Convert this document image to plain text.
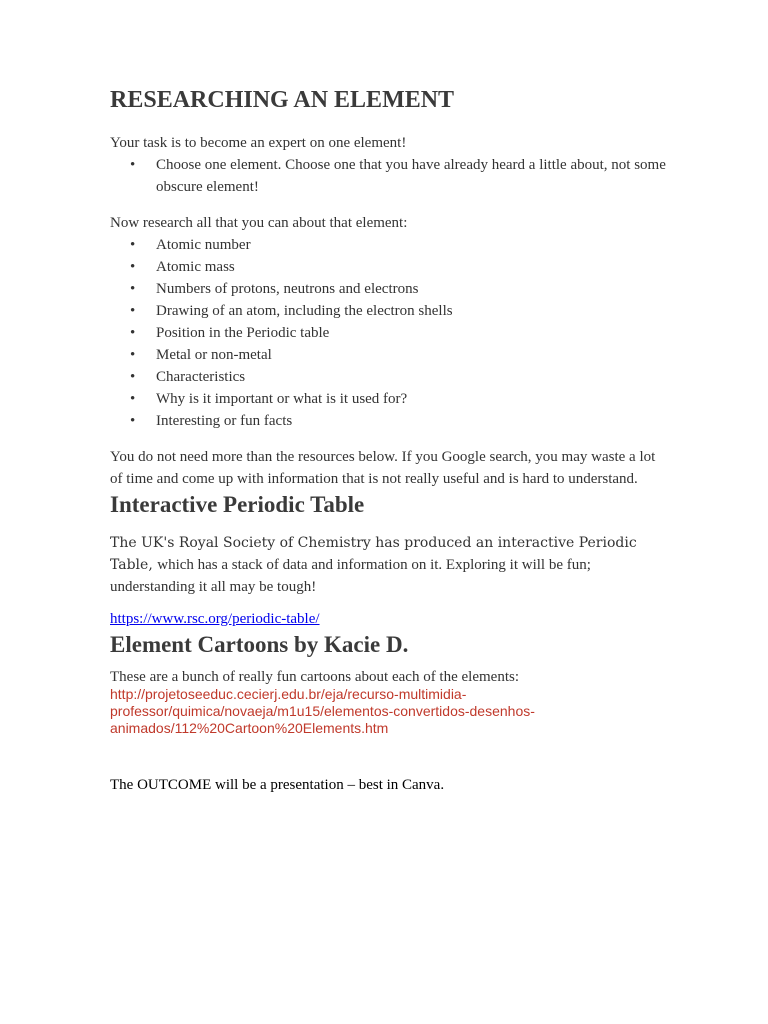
RESEARCHING AN ELEMENT

Your task is to become an expert on one element!

• Choose one element. Choose one that you have already heard a little about, not some obscure element!

Now research all that you can about that element:

• Atomic number
• Atomic mass
• Numbers of protons, neutrons and electrons
• Drawing of an atom, including the electron shells
• Position in the Periodic table
• Metal or non-metal
• Characteristics
• Why is it important or what is it used for?
• Interesting or fun facts

You do not need more than the resources below. If you Google search, you may waste a lot of time and come up with information that is not really useful and is hard to understand.

Interactive Periodic Table

The UK's Royal Society of Chemistry has produced an interactive Periodic Table, which has a stack of data and information on it. Exploring it will be fun; understanding it all may be tough!

https://www.rsc.org/periodic-table/
Element Cartoons by Kacie D.

These are a bunch of really fun cartoons about each of the elements:

http://projetoseeduc.cecierj.edu.br/eja/recurso-multimidia-
professor/quimica/novaeja/m1u15/elementos-convertidos-desenhos-
animados/112%20Cartoon%20Elements.htm

The OUTCOME will be a presentation – best in Canva.
